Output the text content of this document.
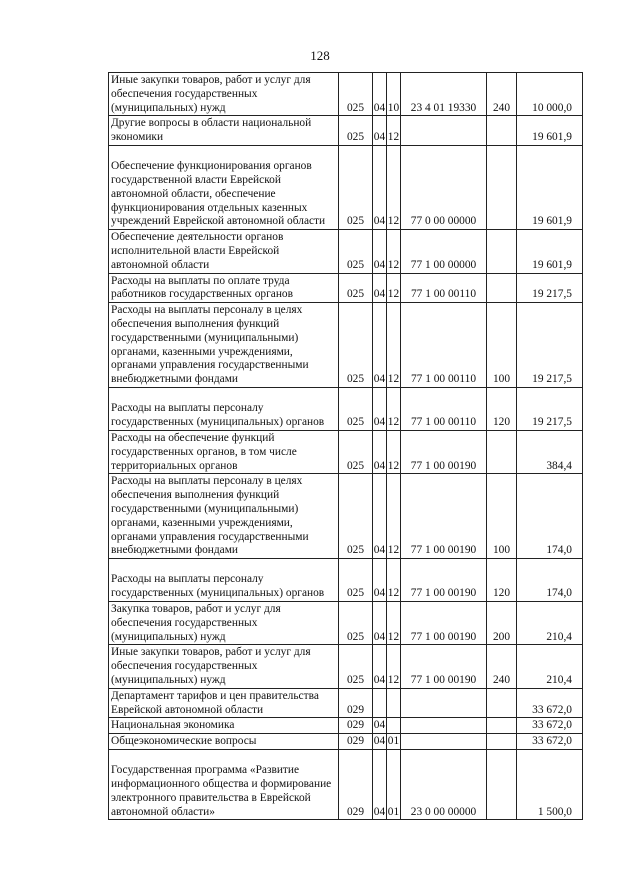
128
Иные закупки товаров, работ и услуг для обеспечения государственных (муниципальных) нужд	025	04	10	23 4 01 19330	240	10 000,0
Другие вопросы в области национальной экономики	025	04	12			19 601,9
Обеспечение функционирования органов государственной власти Еврейской автономной области, обеспечение функционирования отдельных казенных учреждений Еврейской автономной области	025	04	12	77 0 00 00000		19 601,9
Обеспечение деятельности органов исполнительной власти Еврейской автономной области	025	04	12	77 1 00 00000		19 601,9
Расходы на выплаты по оплате труда работников государственных органов	025	04	12	77 1 00 00110		19 217,5
Расходы на выплаты персоналу в целях обеспечения выполнения функций государственными (муниципальными) органами, казенными учреждениями, органами управления государственными внебюджетными фондами	025	04	12	77 1 00 00110	100	19 217,5
Расходы на выплаты персоналу государственных (муниципальных) органов	025	04	12	77 1 00 00110	120	19 217,5
Расходы на обеспечение функций государственных органов, в том числе территориальных органов	025	04	12	77 1 00 00190		384,4
Расходы на выплаты персоналу в целях обеспечения выполнения функций государственными (муниципальными) органами, казенными учреждениями, органами управления государственными внебюджетными фондами	025	04	12	77 1 00 00190	100	174,0
Расходы на выплаты персоналу государственных (муниципальных) органов	025	04	12	77 1 00 00190	120	174,0
Закупка товаров, работ и услуг для обеспечения государственных (муниципальных) нужд	025	04	12	77 1 00 00190	200	210,4
Иные закупки товаров, работ и услуг для обеспечения государственных (муниципальных) нужд	025	04	12	77 1 00 00190	240	210,4
Департамент тарифов и цен правительства Еврейской автономной области	029					33 672,0
Национальная экономика	029	04				33 672,0
Общеэкономические вопросы	029	04	01			33 672,0
Государственная программа «Развитие информационного общества и формирование электронного правительства в Еврейской автономной области»	029	04	01	23 0 00 00000		1 500,0
